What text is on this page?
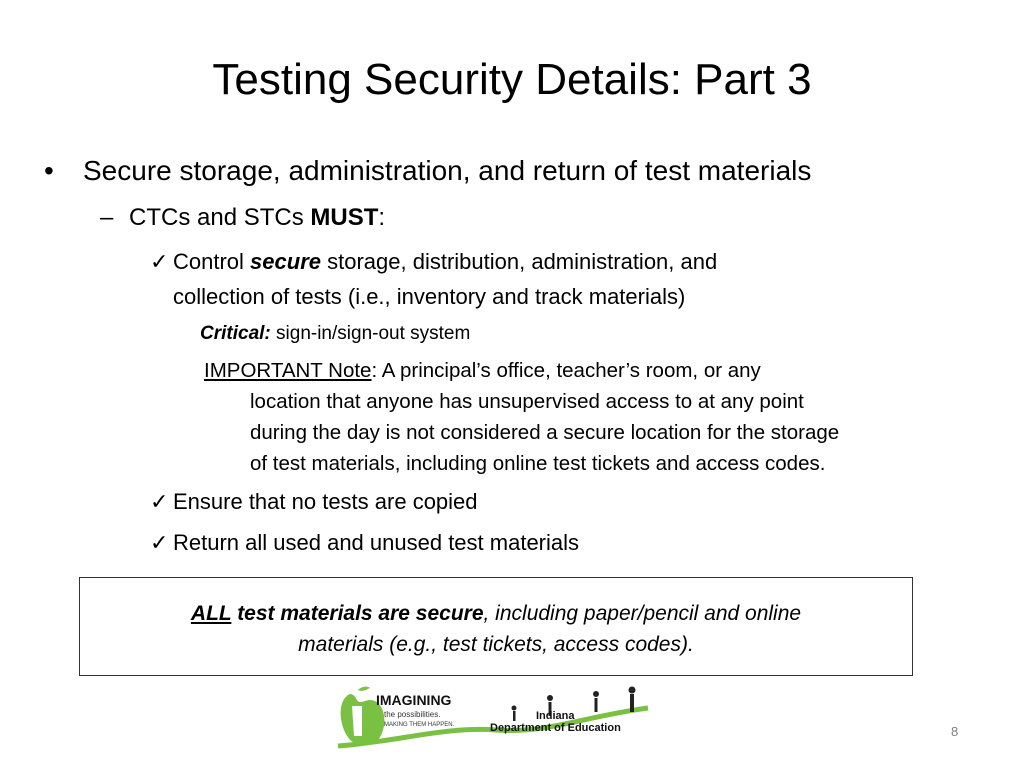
Testing Security Details: Part 3
• Secure storage, administration, and return of test materials
– CTCs and STCs MUST:
✓ Control secure storage, distribution, administration, and
collection of tests (i.e., inventory and track materials)
Critical: sign-in/sign-out system
IMPORTANT Note: A principal’s office, teacher’s room, or any
location that anyone has unsupervised access to at any point
during the day is not considered a secure location for the storage
of test materials, including online test tickets and access codes.
✓ Ensure that no tests are copied
✓ Return all used and unused test materials
ALL test materials are secure, including paper/pencil and online
materials (e.g., test tickets, access codes).
IMAGINING
the possibilities.
MAKING THEM HAPPEN.
Indiana
Department of Education	8
